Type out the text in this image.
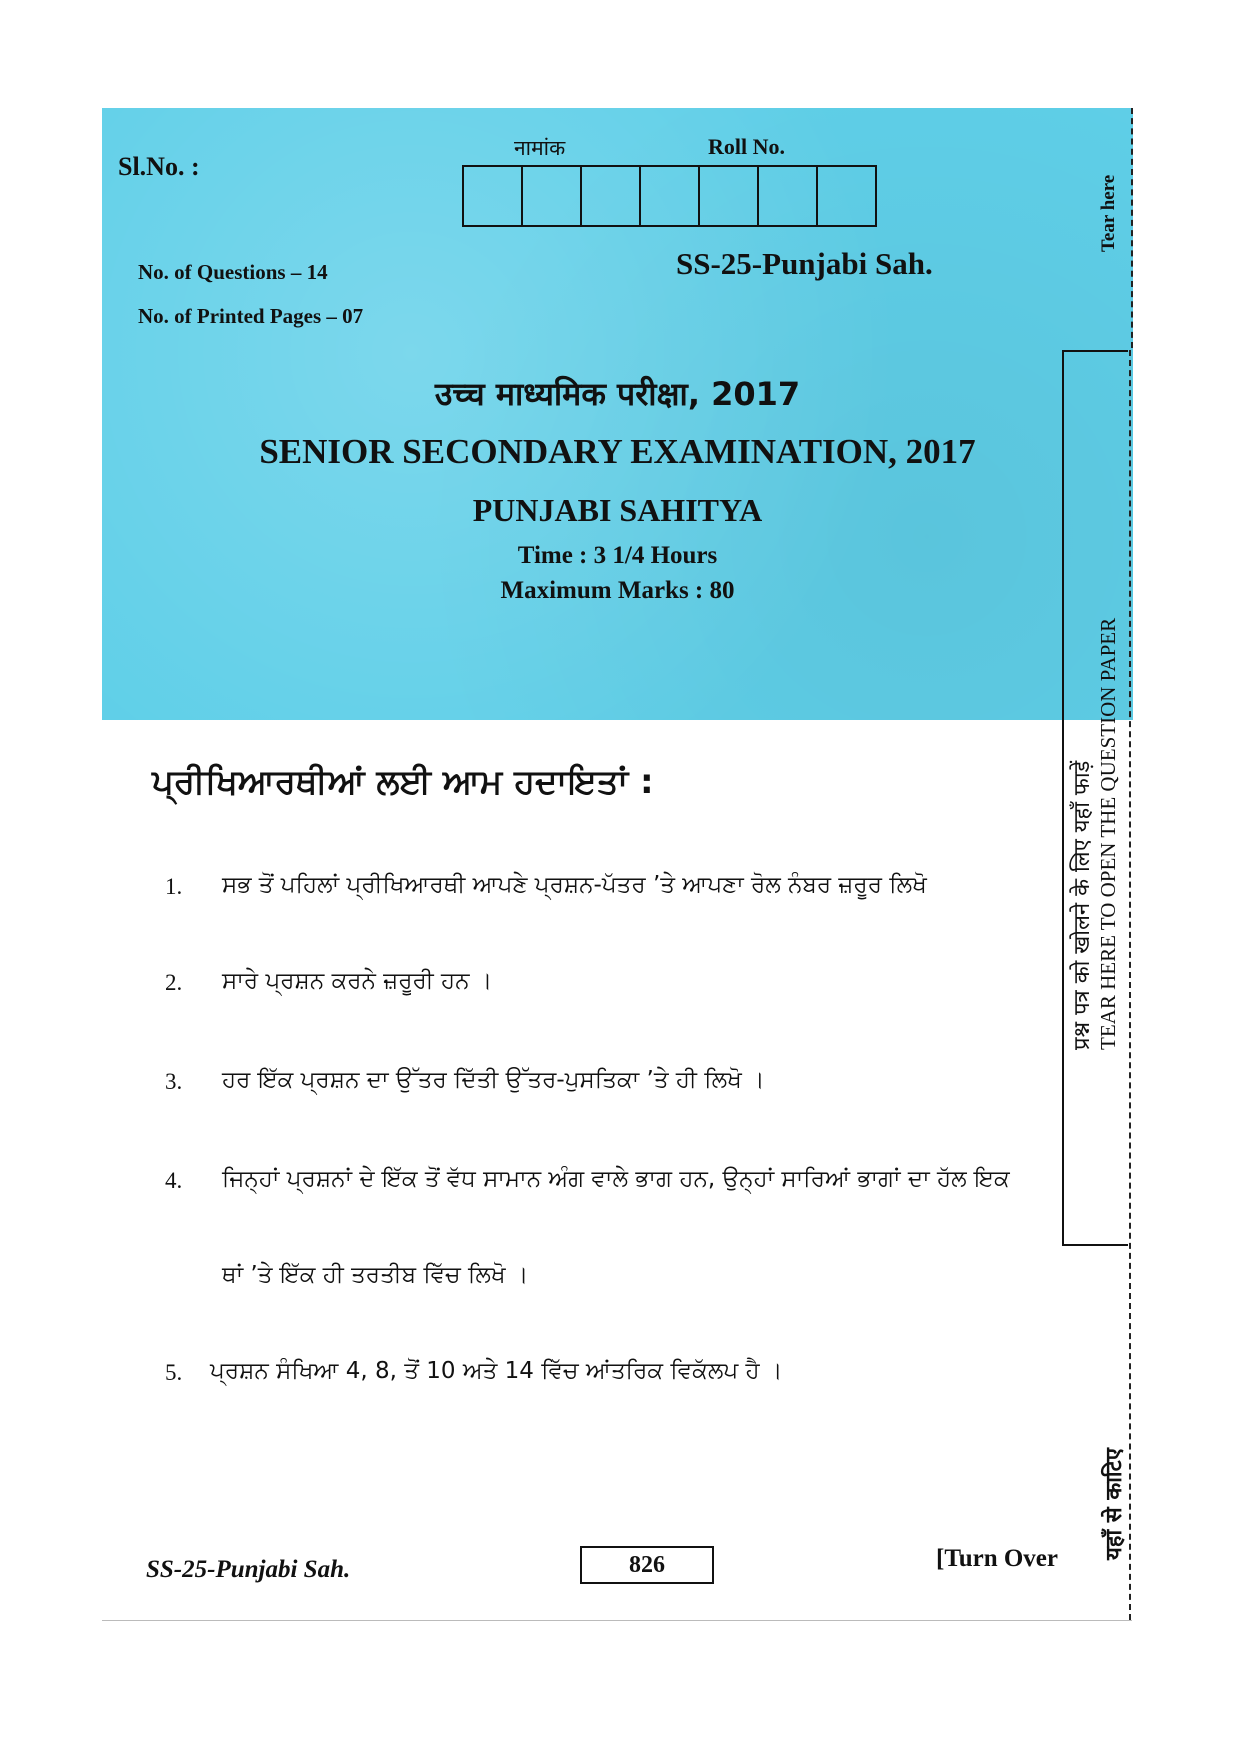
Sl.No. :
नामांक	Roll No.
SS-25-Punjabi Sah.
No. of Questions – 14
No. of Printed Pages – 07
उच्च माध्यमिक परीक्षा, 2017
SENIOR SECONDARY EXAMINATION, 2017
PUNJABI SAHITYA
Time : 3 1/4 Hours
Maximum Marks : 80
ਪ੍ਰੀਖਿਆਰਥੀਆਂ ਲਈ ਆਮ ਹਦਾਇਤਾਂ :
1. ਸਭ ਤੋਂ ਪਹਿਲਾਂ ਪ੍ਰੀਖਿਆਰਥੀ ਆਪਣੇ ਪ੍ਰਸ਼ਨ-ਪੱਤਰ ’ਤੇ ਆਪਣਾ ਰੋਲ ਨੰਬਰ ਜ਼ਰੂਰ ਲਿਖੋ
2. ਸਾਰੇ ਪ੍ਰਸ਼ਨ ਕਰਨੇ ਜ਼ਰੂਰੀ ਹਨ ।
3. ਹਰ ਇੱਕ ਪ੍ਰਸ਼ਨ ਦਾ ਉੱਤਰ ਦਿੱਤੀ ਉੱਤਰ-ਪੁਸਤਿਕਾ ’ਤੇ ਹੀ ਲਿਖੋ ।
4. ਜਿਨ੍ਹਾਂ ਪ੍ਰਸ਼ਨਾਂ ਦੇ ਇੱਕ ਤੋਂ ਵੱਧ ਸਾਮਾਨ ਅੰਗ ਵਾਲੇ ਭਾਗ ਹਨ, ਉਨ੍ਹਾਂ ਸਾਰਿਆਂ ਭਾਗਾਂ ਦਾ ਹੱਲ ਇਕ
ਥਾਂ ’ਤੇ ਇੱਕ ਹੀ ਤਰਤੀਬ ਵਿੱਚ ਲਿਖੋ ।
5. ਪ੍ਰਸ਼ਨ ਸੰਖਿਆ 4, 8, ਤੋਂ 10 ਅਤੇ 14 ਵਿੱਚ ਆਂਤਰਿਕ ਵਿਕੱਲਪ ਹੈ ।
Tear here
प्रश्न पत्र को खोलने के लिए यहाँ फाड़ें TEAR HERE TO OPEN THE QUESTION PAPER
यहाँ से काटिए
SS-25-Punjabi Sah.	826	[Turn Over
